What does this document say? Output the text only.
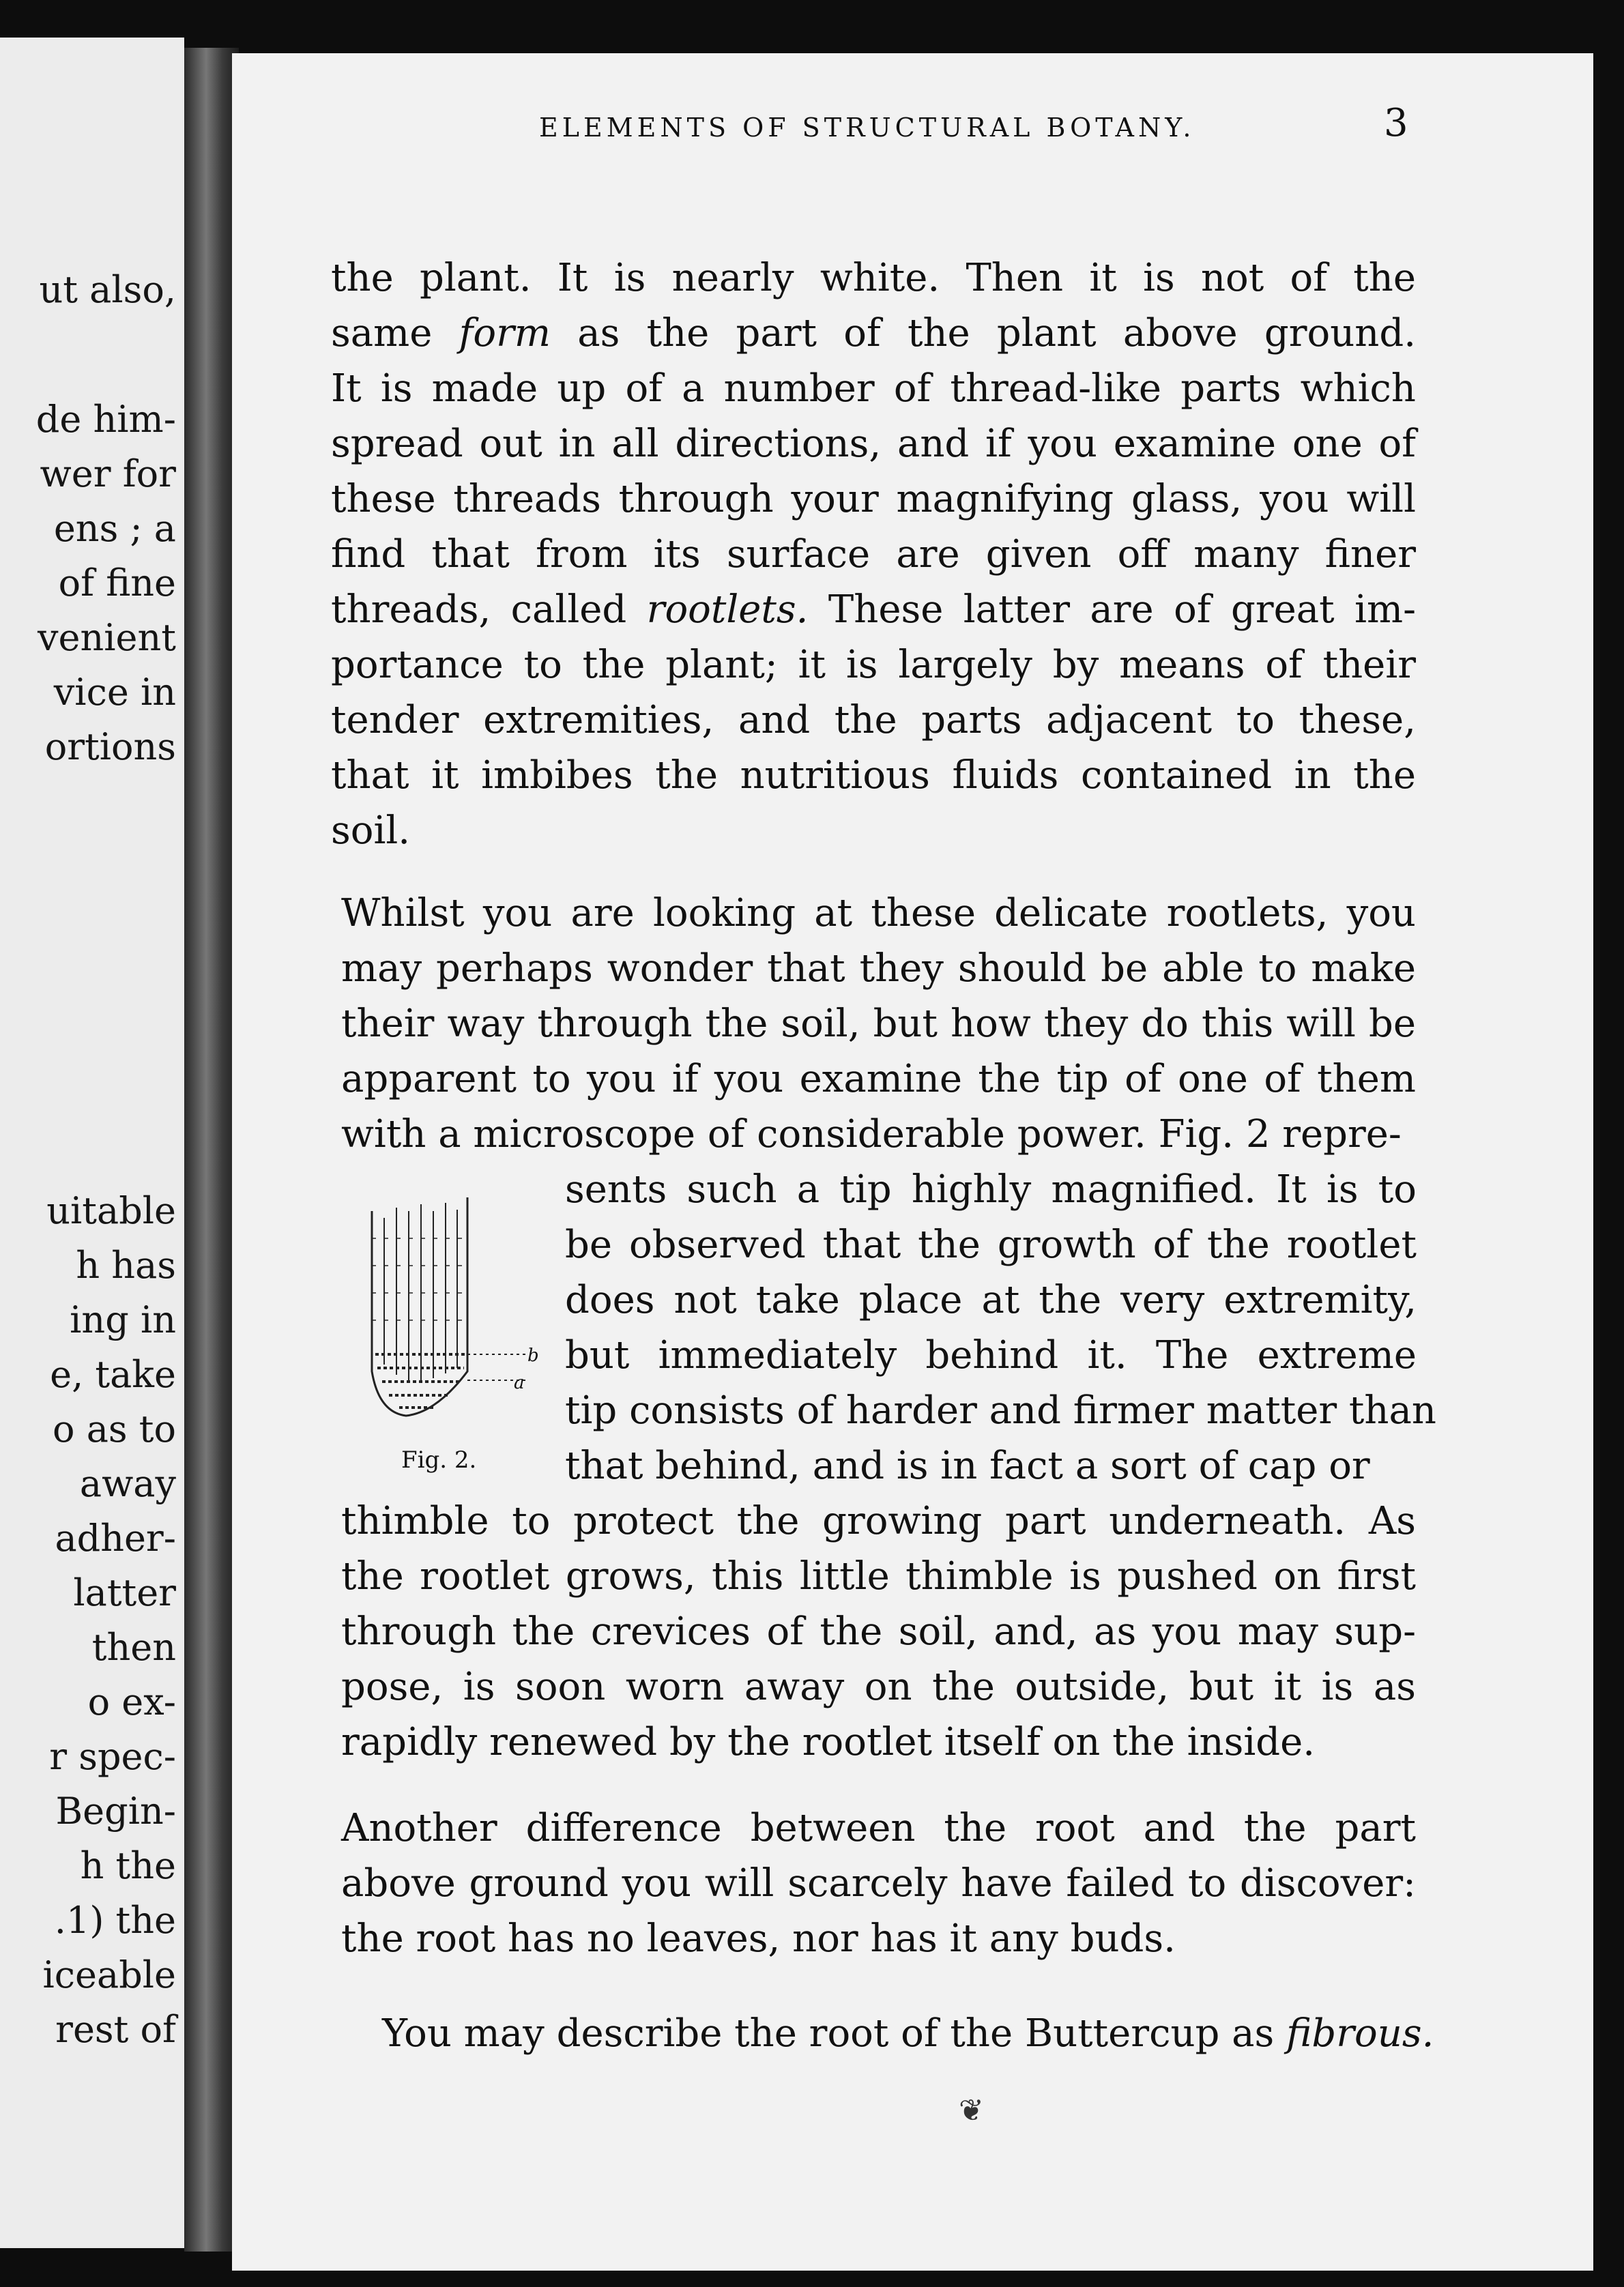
ut also,

de him-

wer for

ens ; a

of fine

venient

vice in

ortions

uitable

h has

ing in

e, take

o as to

away

adher-

latter

then

o ex-

r spec-

Begin-

h the

.1) the

iceable

rest of

ELEMENTS OF STRUCTURAL BOTANY.	3

the plant. It is nearly white. Then it is not of the
same form as the part of the plant above ground.
It is made up of a number of thread-like parts which
spread out in all directions, and if you examine one of
these threads through your magnifying glass, you will
find that from its surface are given off many finer
threads, called rootlets. These latter are of great im-
portance to the plant; it is largely by means of their
tender extremities, and the parts adjacent to these,
that it imbibes the nutritious fluids contained in the
soil.

Whilst you are looking at these delicate rootlets, you
may perhaps wonder that they should be able to make
their way through the soil, but how they do this will be
apparent to you if you examine the tip of one of them
with a microscope of considerable power. Fig. 2 repre-

sents such a tip highly magnified. It is to
be observed that the growth of the rootlet
does not take place at the very extremity,
but immediately behind it. The extreme
tip consists of harder and firmer matter than
that behind, and is in fact a sort of cap or

thimble to protect the growing part underneath. As
the rootlet grows, this little thimble is pushed on first
through the crevices of the soil, and, as you may sup-
pose, is soon worn away on the outside, but it is as
rapidly renewed by the rootlet itself on the inside.

Another difference between the root and the part
above ground you will scarcely have failed to discover:
the root has no leaves, nor has it any buds.

You may describe the root of the Buttercup as fibrous.

b
a

Fig. 2.

❦
